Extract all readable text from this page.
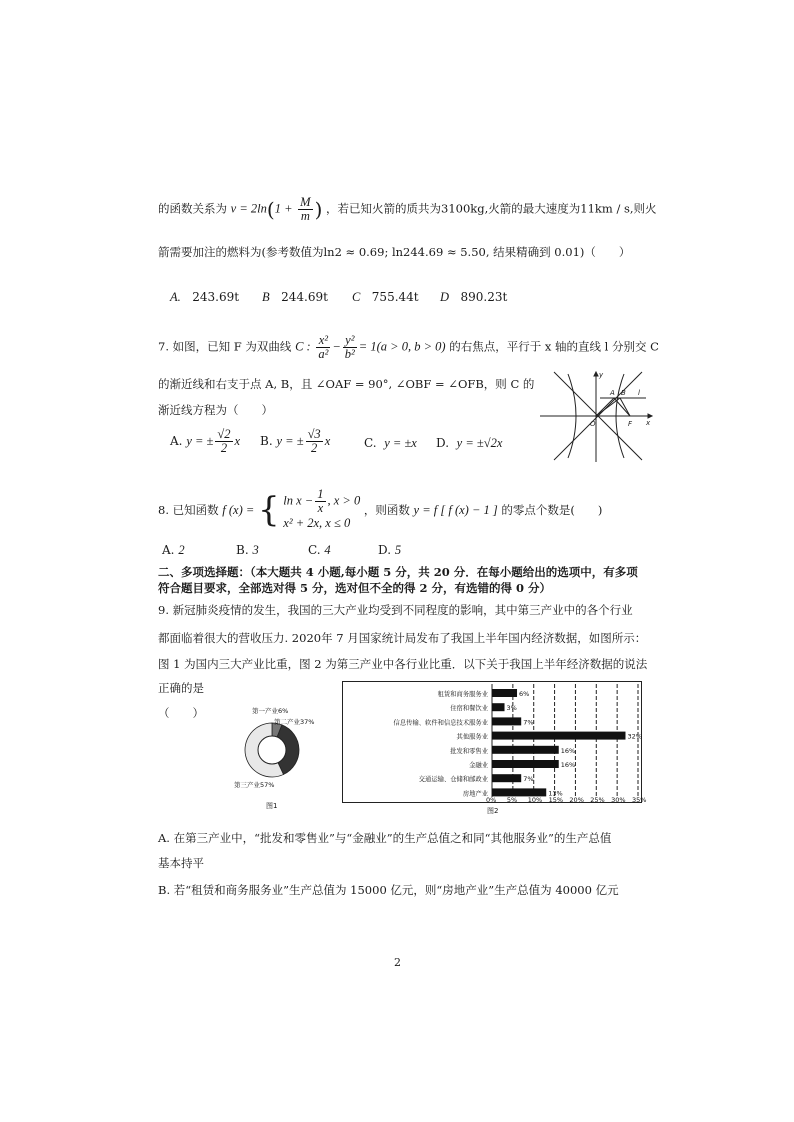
的函数关系为 $v = 2\ln(1 + \frac{M}{m}$ ) ，若已知火箭的质共为3100kg,火箭的最大速度为11km / s,则火
箭需要加注的燃料为(参考数值为ln2 ≈ 0.69; ln244.69 ≈ 5.50, 结果精确到 0.01)（　　）
A. 243.69t B 244.69t C 755.44t D 890.23t
7. 如图，已知 F 为双曲线 C : $\frac{\text{x²}}{\text{a²}} - \frac{\text{y²}}{\text{b²}} = 1(a > 0$, b > 0) 的右焦点，平行于 x 轴的直线 l 分别交 C
的渐近线和右支于点 A, B，且 ∠OAF = 90°, ∠OBF = ∠OFB，则 C 的
渐近线方程为（　　）
A. y = ± $\frac{√2}{2}$ x B. y = ± $\frac{√3}{2}$ x	C. y = ±x D. y = ±√2x
y
x
O	F
l
A B
8. 已知函数 f (x) = { $\ln x - \frac{1}{x}$ , x > 0
x² + 2x, x ≤ 0
，则函数 y = f [ f (x) − 1 ] 的零点个数是(　　)
A. 2	B. 3	C. 4	D. 5
二、多项选择题：（本大题共 4 小题,每小题 5 分，共 20 分．在每小题给出的选项中，有多项
符合题目要求，全部选对得 5 分，选对但不全的得 2 分，有选错的得 0 分）
9. 新冠肺炎疫情的发生，我国的三大产业均受到不同程度的影响，其中第三产业中的各个行业
都面临着很大的营收压力. 2020年 7 月国家统计局发布了我国上半年国内经济数据，如图所示：
图 1 为国内三大产业比重，图 2 为第三产业中各行业比重．以下关于我国上半年经济数据的说法
正确的是
（　　）	第一产业6%
第二产业37%
第三产业57%
图1
6%
3%
7%
32%
16%
16%
7%
13%
租赁和商务服务业
住宿和餐饮业
信息传输、软件和信息技术服务业
其他服务业
批发和零售业
金融业
交通运输、仓储和邮政业
房地产业
0% 5% 10% 15% 20% 25% 30% 35%
图2
A. 在第三产业中，“批发和零售业”与“金融业”的生产总值之和同“其他服务业”的生产总值
基本持平
B. 若“租赁和商务服务业”生产总值为 15000 亿元，则“房地产业”生产总值为 40000 亿元
2
